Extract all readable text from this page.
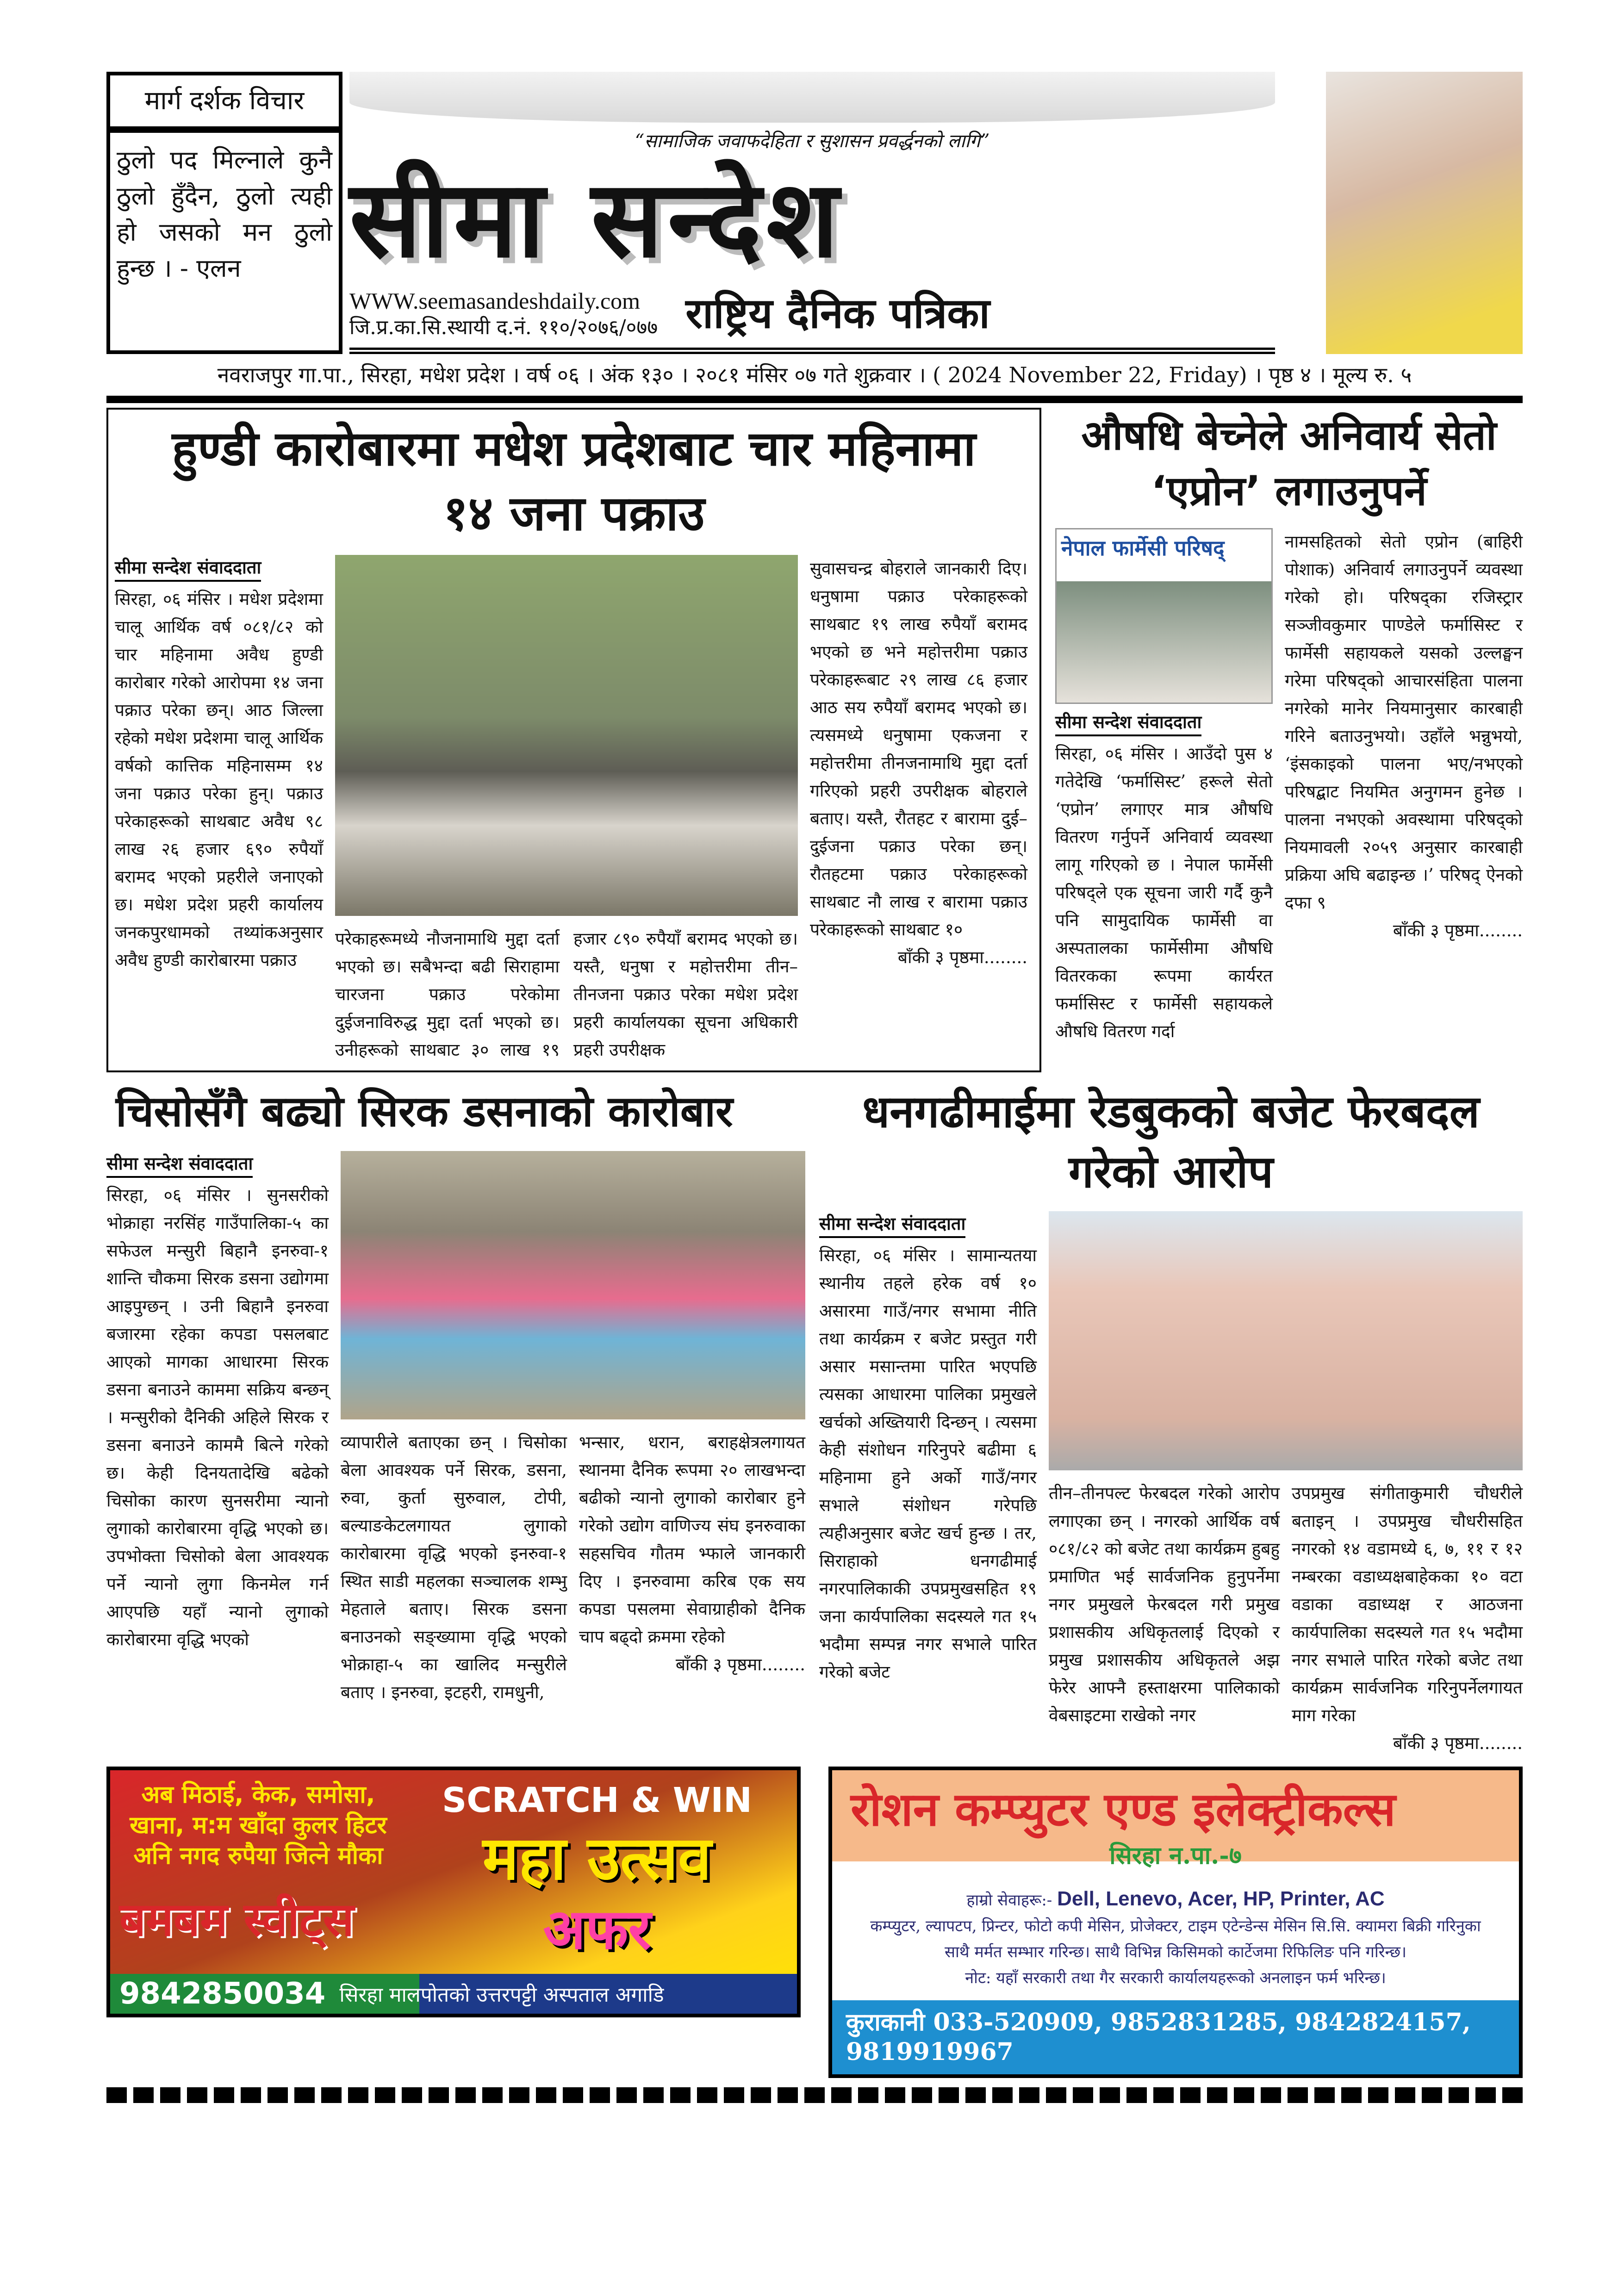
मार्ग दर्शक विचार
ठुलो पद मिल्नाले कुनै ठुलो हुँदैन, ठुलो त्यही हो जसको मन ठुलो हुन्छ । - एलन
“सामाजिक जवाफदेहिता र सुशासन प्रवर्द्धनको लागि”
सीमा सन्देश
WWW.seemasandeshdaily.com
जि.प्र.का.सि.स्थायी द.नं. ११०/२०७६/०७७ राष्ट्रिय दैनिक पत्रिका
नवराजपुर गा.पा., सिरहा, मधेश प्रदेश । वर्ष ०६ । अंक १३० । २०८१ मंसिर ०७ गते शुक्रवार । ( 2024 November 22, Friday) । पृष्ठ ४ । मूल्य रु. ५
हुण्डी कारोबारमा मधेश प्रदेशबाट चार महिनामा १४ जना पक्राउ
सीमा सन्देश संवाददाता
सिरहा, ०६ मंसिर । मधेश प्रदेशमा चालू आर्थिक वर्ष ०८१/८२ को चार महिनामा अवैध हुण्डी कारोबार गरेको आरोपमा १४ जना पक्राउ परेका छन्। आठ जिल्ला रहेको मधेश प्रदेशमा चालू आर्थिक वर्षको कात्तिक महिनासम्म १४ जना पक्राउ परेका हुन्। पक्राउ परेकाहरूको साथबाट अवैध ९८ लाख २६ हजार ६९० रुपैयाँ बरामद भएको प्रहरीले जनाएको छ। मधेश प्रदेश प्रहरी कार्यालय जनकपुरधामको तथ्यांकअनुसार अवैध हुण्डी कारोबारमा पक्राउ
परेकाहरूमध्ये नौजनामाथि मुद्दा दर्ता भएको छ। सबैभन्दा बढी सिराहामा चारजना पक्राउ परेकोमा दुईजनाविरुद्ध मुद्दा दर्ता भएको छ। उनीहरूको साथबाट ३० लाख १९ हजार ८९० रुपैयाँ बरामद भएको छ। यस्तै, धनुषा र महोत्तरीमा तीन–तीनजना पक्राउ परेका मधेश प्रदेश प्रहरी कार्यालयका सूचना अधिकारी प्रहरी उपरीक्षक
सुवासचन्द्र बोहराले जानकारी दिए। धनुषामा पक्राउ परेकाहरूको साथबाट १९ लाख रुपैयाँ बरामद भएको छ भने महोत्तरीमा पक्राउ परेकाहरूबाट २९ लाख ८६ हजार आठ सय रुपैयाँ बरामद भएको छ। त्यसमध्ये धनुषामा एकजना र महोत्तरीमा तीनजनामाथि मुद्दा दर्ता गरिएको प्रहरी उपरीक्षक बोहराले बताए। यस्तै, रौतहट र बारामा दुई–दुईजना पक्राउ परेका छन्। रौतहटमा पक्राउ परेकाहरूको साथबाट नौ लाख र बारामा पक्राउ परेकाहरूको साथबाट १०
बाँकी ३ पृष्ठमा........
औषधि बेच्नेले अनिवार्य सेतो ‘एप्रोन’ लगाउनुपर्ने
नेपाल फार्मेसी परिषद्
सीमा सन्देश संवाददाता
सिरहा, ०६ मंसिर । आउँदो पुस ४ गतेदेखि ‘फर्मासिस्ट’ हरूले सेतो ‘एप्रोन’ लगाएर मात्र औषधि वितरण गर्नुपर्ने अनिवार्य व्यवस्था लागू गरिएको छ । नेपाल फार्मेसी परिषद्ले एक सूचना जारी गर्दै कुनै पनि सामुदायिक फार्मेसी वा अस्पतालका फार्मेसीमा औषधि वितरकका रूपमा कार्यरत फर्मासिस्ट र फार्मेसी सहायकले औषधि वितरण गर्दा
नामसहितको सेतो एप्रोन (बाहिरी पोशाक) अनिवार्य लगाउनुपर्ने व्यवस्था गरेको हो। परिषद्का रजिस्ट्रार सञ्जीवकुमार पाण्डेले फर्मासिस्ट र फार्मेसी सहायकले यसको उल्लङ्घन गरेमा परिषद्को आचारसंहिता पालना नगरेको मानेर नियमानुसार कारबाही गरिने बताउनुभयो। उहाँले भन्नुभयो, ‘इंसकाइको पालना भए/नभएको परिषद्बाट नियमित अनुगमन हुनेछ । पालना नभएको अवस्थामा परिषद्को नियमावली २०५९ अनुसार कारबाही प्रक्रिया अघि बढाइन्छ ।’ परिषद् ऐनको दफा ९
बाँकी ३ पृष्ठमा........
चिसोसँगै बढ्यो सिरक डसनाको कारोबार
सीमा सन्देश संवाददाता
सिरहा, ०६ मंसिर । सुनसरीको भोक्राहा नरसिंह गाउँपालिका-५ का सफेउल मन्सुरी बिहानै इनरुवा-१ शान्ति चौकमा सिरक डसना उद्योगमा आइपुग्छन् । उनी बिहानै इनरुवा बजारमा रहेका कपडा पसलबाट आएको मागका आधारमा सिरक डसना बनाउने काममा सक्रिय बन्छन् । मन्सुरीको दैनिकी अहिले सिरक र डसना बनाउने काममै बित्ने गरेको छ। केही दिनयतादेखि बढेको चिसोका कारण सुनसरीमा न्यानो लुगाको कारोबारमा वृद्धि भएको छ। उपभोक्ता चिसोको बेला आवश्यक पर्ने न्यानो लुगा किनमेल गर्न आएपछि यहाँ न्यानो लुगाको कारोबारमा वृद्धि भएको
व्यापारीले बताएका छन् । चिसोका बेला आवश्यक पर्ने सिरक, डसना, रुवा, कुर्ता सुरुवाल, टोपी, बल्याङकेटलगायत लुगाको कारोबारमा वृद्धि भएको इनरुवा-१ स्थित साडी महलका सञ्चालक शम्भु मेहताले बताए। सिरक डसना बनाउनको सङ्ख्यामा वृद्धि भएको भोक्राहा-५ का खालिद मन्सुरीले बताए । इनरुवा, इटहरी, रामधुनी,
भन्सार, धरान, बराहक्षेत्रलगायत स्थानमा दैनिक रूपमा २० लाखभन्दा बढीको न्यानो लुगाको कारोबार हुने गरेको उद्योग वाणिज्य संघ इनरुवाका सहसचिव गौतम भ्फाले जानकारी दिए । इनरुवामा करिब एक सय कपडा पसलमा सेवाग्राहीको दैनिक चाप बढ्दो क्रममा रहेको
बाँकी ३ पृष्ठमा........
धनगढीमाईमा रेडबुकको बजेट फेरबदल गरेको आरोप
सीमा सन्देश संवाददाता
सिरहा, ०६ मंसिर । सामान्यतया स्थानीय तहले हरेक वर्ष १० असारमा गाउँ/नगर सभामा नीति तथा कार्यक्रम र बजेट प्रस्तुत गरी असार मसान्तमा पारित भएपछि त्यसका आधारमा पालिका प्रमुखले खर्चको अख्तियारी दिन्छन् । त्यसमा केही संशोधन गरिनुपरे बढीमा ६ महिनामा हुने अर्को गाउँ/नगर सभाले संशोधन गरेपछि त्यहीअनुसार बजेट खर्च हुन्छ । तर, सिराहाको धनगढीमाई नगरपालिकाकी उपप्रमुखसहित १९ जना कार्यपालिका सदस्यले गत १५ भदौमा सम्पन्न नगर सभाले पारित गरेको बजेट
तीन–तीनपल्ट फेरबदल गरेको आरोप लगाएका छन् । नगरको आर्थिक वर्ष ०८१/८२ को बजेट तथा कार्यक्रम हुबहु प्रमाणित भई सार्वजनिक हुनुपर्नेमा नगर प्रमुखले फेरबदल गरी प्रमुख प्रशासकीय अधिकृतलाई दिएको र प्रमुख प्रशासकीय अधिकृतले अझ फेरेर आफ्नै हस्ताक्षरमा पालिकाको वेबसाइटमा राखेको नगर
उपप्रमुख संगीताकुमारी चौधरीले बताइन् । उपप्रमुख चौधरीसहित नगरको १४ वडामध्ये ६, ७, ११ र १२ नम्बरका वडाध्यक्षबाहेकका १० वटा वडाका वडाध्यक्ष र आठजना कार्यपालिका सदस्यले गत १५ भदौमा नगर सभाले पारित गरेको बजेट तथा कार्यक्रम सार्वजनिक गरिनुपर्नेलगायत माग गरेका
बाँकी ३ पृष्ठमा........
अब मिठाई, केक, समोसा, खाना, म:म खाँदा कुलर हिटर अनि नगद रुपैया जित्ने मौका
बमबम स्वीट्स
SCRATCH & WIN
महा उत्सव
अफर
9842850034 सिरहा मालपोतको उत्तरपट्टी अस्पताल अगाडि
रोशन कम्प्युटर एण्ड इलेक्ट्रीकल्स
सिरहा न.पा.-७
हाम्रो सेवाहरू:- Dell, Lenevo, Acer, HP, Printer, AC
कम्प्युटर, ल्यापटप, प्रिन्टर, फोटो कपी मेसिन, प्रोजेक्टर, टाइम एटेन्डेन्स मेसिन सि.सि. क्यामरा बिक्री गरिनुका साथै मर्मत सम्भार गरिन्छ। साथै विभिन्न किसिमको कार्टेजमा रिफिलिङ पनि गरिन्छ।
नोट: यहाँ सरकारी तथा गैर सरकारी कार्यालयहरूको अनलाइन फर्म भरिन्छ।
कुराकानी 033-520909, 9852831285, 9842824157, 9819919967
